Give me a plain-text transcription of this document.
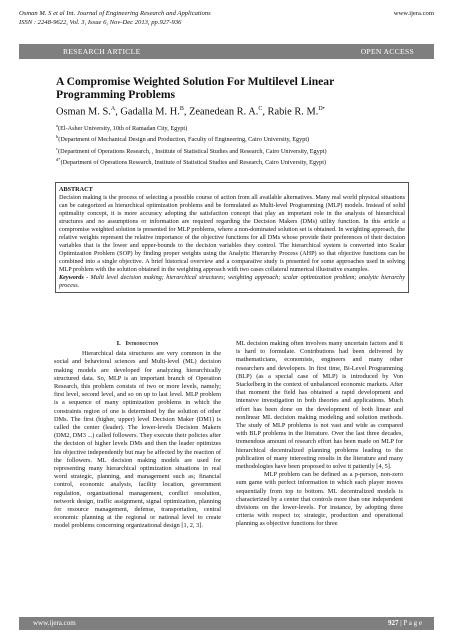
Osman M. S et al Int. Journal of Engineering Research and Applications
ISSN : 2248-9622, Vol. 3, Issue 6, Nov-Dec 2013, pp.927-936
www.ijera.com
RESEARCH ARTICLE	OPEN ACCESS
A Compromise Weighted Solution For Multilevel Linear Programming Problems
Osman M. S.$^A$, Gadalla M. H.$^B$, Zeanedean R. A.$^C$, Rabie R. M.$^{D•}$
$^a$(El-Asher University, 10th of Ramadan City, Egypt)
$^b$(Department of Mechanical Design and Production, Faculty of Engineering, Cairo University, Egypt)
$^c$(Department of Operations Research, , Institute of Statistical Studies and Research, Cairo University, Egypt)
$^{d*}$(Department of Operations Research, Institute of Statistical Studies and Research, Cairo University, Egypt)
ABSTRACT
Decision making is the process of selecting a possible course of action from all available alternatives. Many real world physical situations can be categorized as hierarchical optimization problems and be formulated as Multi-level Programming (MLP) models. Instead of solid optimality concept, it is more accuracy adopting the satisfaction concept that play an important role in the analysis of hierarchical structures and no assumptions or information are required regarding the Decision Makers (DMs) utility function. In this article a compromise weighted solution is presented for MLP problems, where a non-dominated solution set is obtained. In weighting approach, the relative weights represent the relative importance of the objective functions for all DMs whose provide their preferences of their decision variables that is the lower and upper-bounds to the decision variables they control. The hierarchical system is converted into Scalar Optimization Problem (SOP) by finding proper weights using the Analytic Hierarchy Process (AHP) so that objective functions can be combined into a single objective. A brief historical overview and a comparative study is presented for some approaches used in solving MLP problem with the solution obtained in the weighting approach with two cases collateral numerical illustrative examples.
Keywords - Multi level decision making; hierarchical structures; weighting approach; scalar optimization problem; analytic hierarchy process.
I. Introduction

Hierarchical data structures are very common in the social and behavioral sciences and Multi-level (ML) decision making models are developed for analyzing hierarchically structured data. So, MLP is an important branch of Operation Research, this problem consists of two or more levels, namely; first level, second level, and so on up to last level. MLP problem is a sequence of many optimization problems in which the constraints region of one is determined by the solution of other DMs. The first (higher, upper) level Decision Maker (DM1) is called the center (leader). The lower-levels Decision Makers (DM2, DM3 ...) called followers. They execute their policies after the decision of higher levels DMs and then the leader optimizes his objective independently but may be affected by the reaction of the followers. ML decision making models are used for representing many hierarchical optimization situations in real word strategic, planning, and management such as; financial control, economic analysis, facility location, government regulation, organizational management, conflict resolution, network design, traffic assignment, signal optimization, planning for resource management, defense, transportation, central economic planning at the regional or national level to create model problems concerning organizational design [1, 2, 3].

ML decision making often involves many uncertain factors and it is hard to formulate. Contributions had been delivered by mathematicians, economists, engineers and many other researchers and developers. In first time, Bi-Level Programming (BLP) (as a special case of MLP) is introduced by Von Stackelberg in the context of unbalanced economic markets. After that moment the field has obtained a rapid development and intensive investigation in both theories and applications. Much effort has been done on the development of both linear and nonlinear ML decision making modeling and solution methods. The study of MLP problems is not vast and wide as compared with BLP problems in the literature. Over the last three decades, tremendous amount of research effort has been made on MLP for hierarchical decentralized planning problems leading to the publication of many interesting results in the literature and many methodologies have been proposed to solve it patiently [4, 5].

MLP problem can be defined as a p-person, non-zero sum game with perfect information in which each player moves sequentially from top to bottom. ML decentralized models is characterized by a center that controls more than one independent divisions on the lower-levels. For instance, by adopting three criteria with respect to; strategic, production and operational planning as objective functions for three

www.ijera.com	927 | P a g e
